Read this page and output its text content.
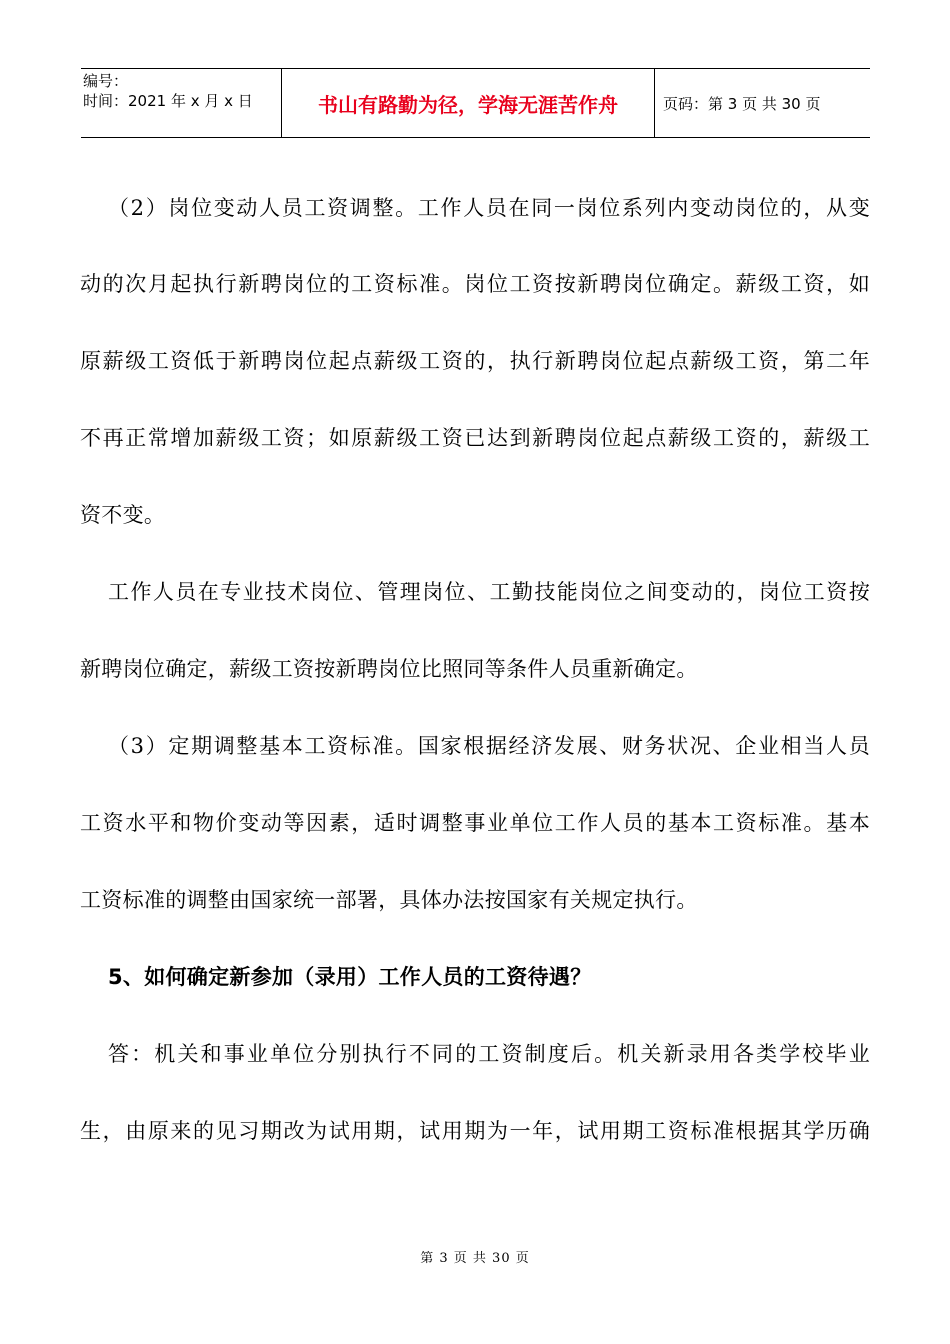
编号：
时间：2021 年 x 月 x 日	书山有路勤为径，学海无涯苦作舟	页码：第 3 页 共 30 页
（2）岗位变动人员工资调整。工作人员在同一岗位系列内变动岗位的，从变
动的次月起执行新聘岗位的工资标准。岗位工资按新聘岗位确定。薪级工资，如
原薪级工资低于新聘岗位起点薪级工资的，执行新聘岗位起点薪级工资，第二年
不再正常增加薪级工资；如原薪级工资已达到新聘岗位起点薪级工资的，薪级工
资不变。
工作人员在专业技术岗位、管理岗位、工勤技能岗位之间变动的，岗位工资按
新聘岗位确定，薪级工资按新聘岗位比照同等条件人员重新确定。
（3）定期调整基本工资标准。国家根据经济发展、财务状况、企业相当人员
工资水平和物价变动等因素，适时调整事业单位工作人员的基本工资标准。基本
工资标准的调整由国家统一部署，具体办法按国家有关规定执行。
5、如何确定新参加（录用）工作人员的工资待遇？
答：机关和事业单位分别执行不同的工资制度后。机关新录用各类学校毕业
生，由原来的见习期改为试用期，试用期为一年，试用期工资标准根据其学历确
第 3 页 共 30 页
